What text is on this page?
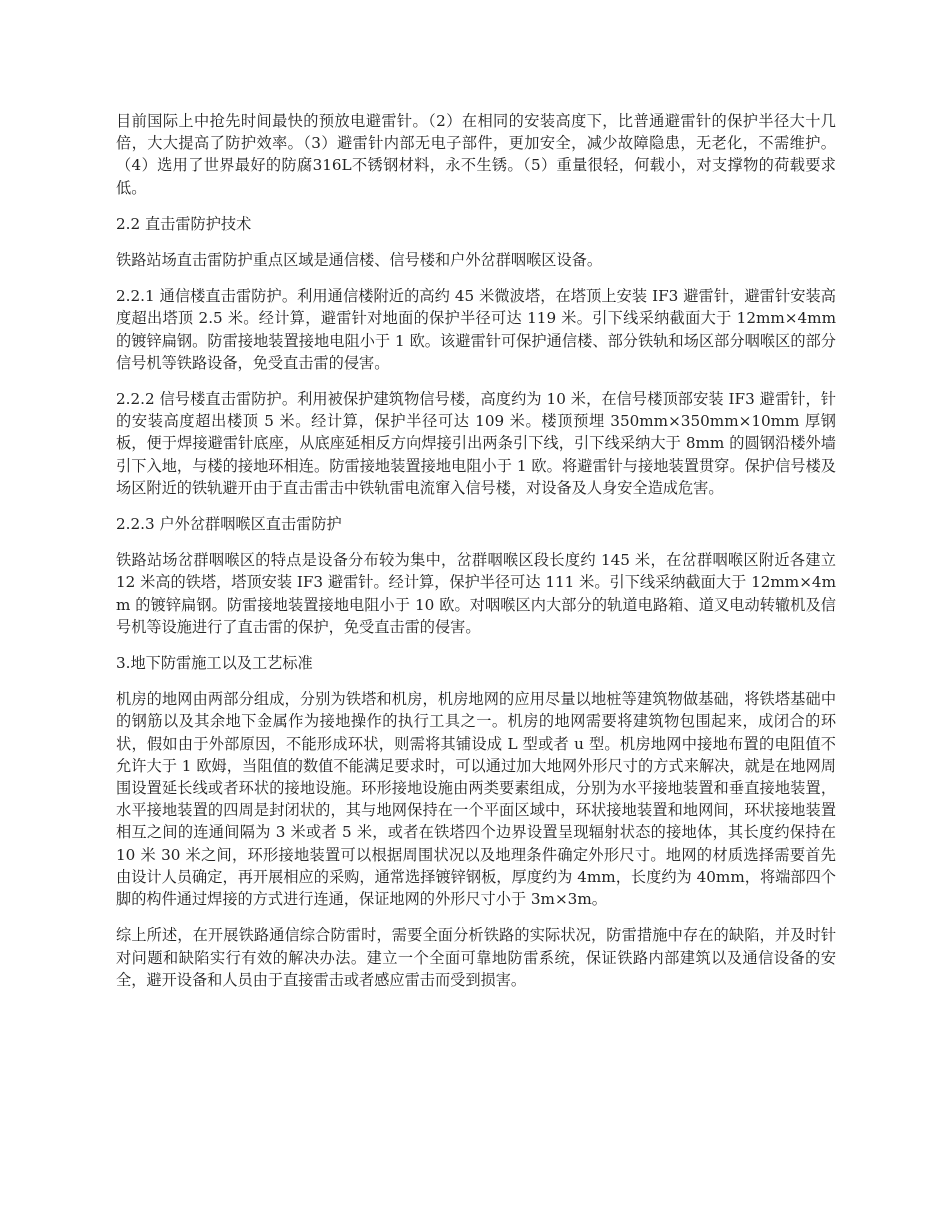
目前国际上中抢先时间最快的预放电避雷针。（2）在相同的安装高度下，比普通避雷针的保护半径大十几倍，大大提高了防护效率。（3）避雷针内部无电子部件，更加安全，减少故障隐患，无老化，不需维护。（4）选用了世界最好的防腐316L不锈钢材料，永不生锈。（5）重量很轻，何载小，对支撑物的荷载要求低。

2.2 直击雷防护技术

铁路站场直击雷防护重点区域是通信楼、信号楼和户外岔群咽喉区设备。

2.2.1 通信楼直击雷防护。利用通信楼附近的高约 45 米微波塔，在塔顶上安装 IF3 避雷针，避雷针安装高度超出塔顶 2.5 米。经计算，避雷针对地面的保护半径可达 119 米。引下线采纳截面大于 12mm×4mm 的镀锌扁钢。防雷接地装置接地电阻小于 1 欧。该避雷针可保护通信楼、部分铁轨和场区部分咽喉区的部分信号机等铁路设备，免受直击雷的侵害。

2.2.2 信号楼直击雷防护。利用被保护建筑物信号楼，高度约为 10 米，在信号楼顶部安装 IF3 避雷针，针的安装高度超出楼顶 5 米。经计算，保护半径可达 109 米。楼顶预埋 350mm×350mm×10mm 厚钢板，便于焊接避雷针底座，从底座延相反方向焊接引出两条引下线，引下线采纳大于 8mm 的圆钢沿楼外墙引下入地，与楼的接地环相连。防雷接地装置接地电阻小于 1 欧。将避雷针与接地装置贯穿。保护信号楼及场区附近的铁轨避开由于直击雷击中铁轨雷电流窜入信号楼，对设备及人身安全造成危害。

2.2.3 户外岔群咽喉区直击雷防护

铁路站场岔群咽喉区的特点是设备分布较为集中，岔群咽喉区段长度约 145 米，在岔群咽喉区附近各建立 12 米高的铁塔，塔顶安装 IF3 避雷针。经计算，保护半径可达 111 米。引下线采纳截面大于 12mm×4mm 的镀锌扁钢。防雷接地装置接地电阻小于 10 欧。对咽喉区内大部分的轨道电路箱、道叉电动转辙机及信号机等设施进行了直击雷的保护，免受直击雷的侵害。

3.地下防雷施工以及工艺标准

机房的地网由两部分组成，分别为铁塔和机房，机房地网的应用尽量以地桩等建筑物做基础，将铁塔基础中的钢筋以及其余地下金属作为接地操作的执行工具之一。机房的地网需要将建筑物包围起来，成闭合的环状，假如由于外部原因，不能形成环状，则需将其铺设成 L 型或者 u 型。机房地网中接地布置的电阻值不允许大于 1 欧姆，当阻值的数值不能满足要求时，可以通过加大地网外形尺寸的方式来解决，就是在地网周围设置延长线或者环状的接地设施。环形接地设施由两类要素组成，分别为水平接地装置和垂直接地装置，水平接地装置的四周是封闭状的，其与地网保持在一个平面区域中，环状接地装置和地网间，环状接地装置相互之间的连通间隔为 3 米或者 5 米，或者在铁塔四个边界设置呈现辐射状态的接地体，其长度约保持在 10 米 30 米之间，环形接地装置可以根据周围状况以及地理条件确定外形尺寸。地网的材质选择需要首先由设计人员确定，再开展相应的采购，通常选择镀锌钢板，厚度约为 4mm，长度约为 40mm，将端部四个脚的构件通过焊接的方式进行连通，保证地网的外形尺寸小于 3m×3m。

综上所述，在开展铁路通信综合防雷时，需要全面分析铁路的实际状况，防雷措施中存在的缺陷，并及时针对问题和缺陷实行有效的解决办法。建立一个全面可靠地防雷系统，保证铁路内部建筑以及通信设备的安全，避开设备和人员由于直接雷击或者感应雷击而受到损害。
